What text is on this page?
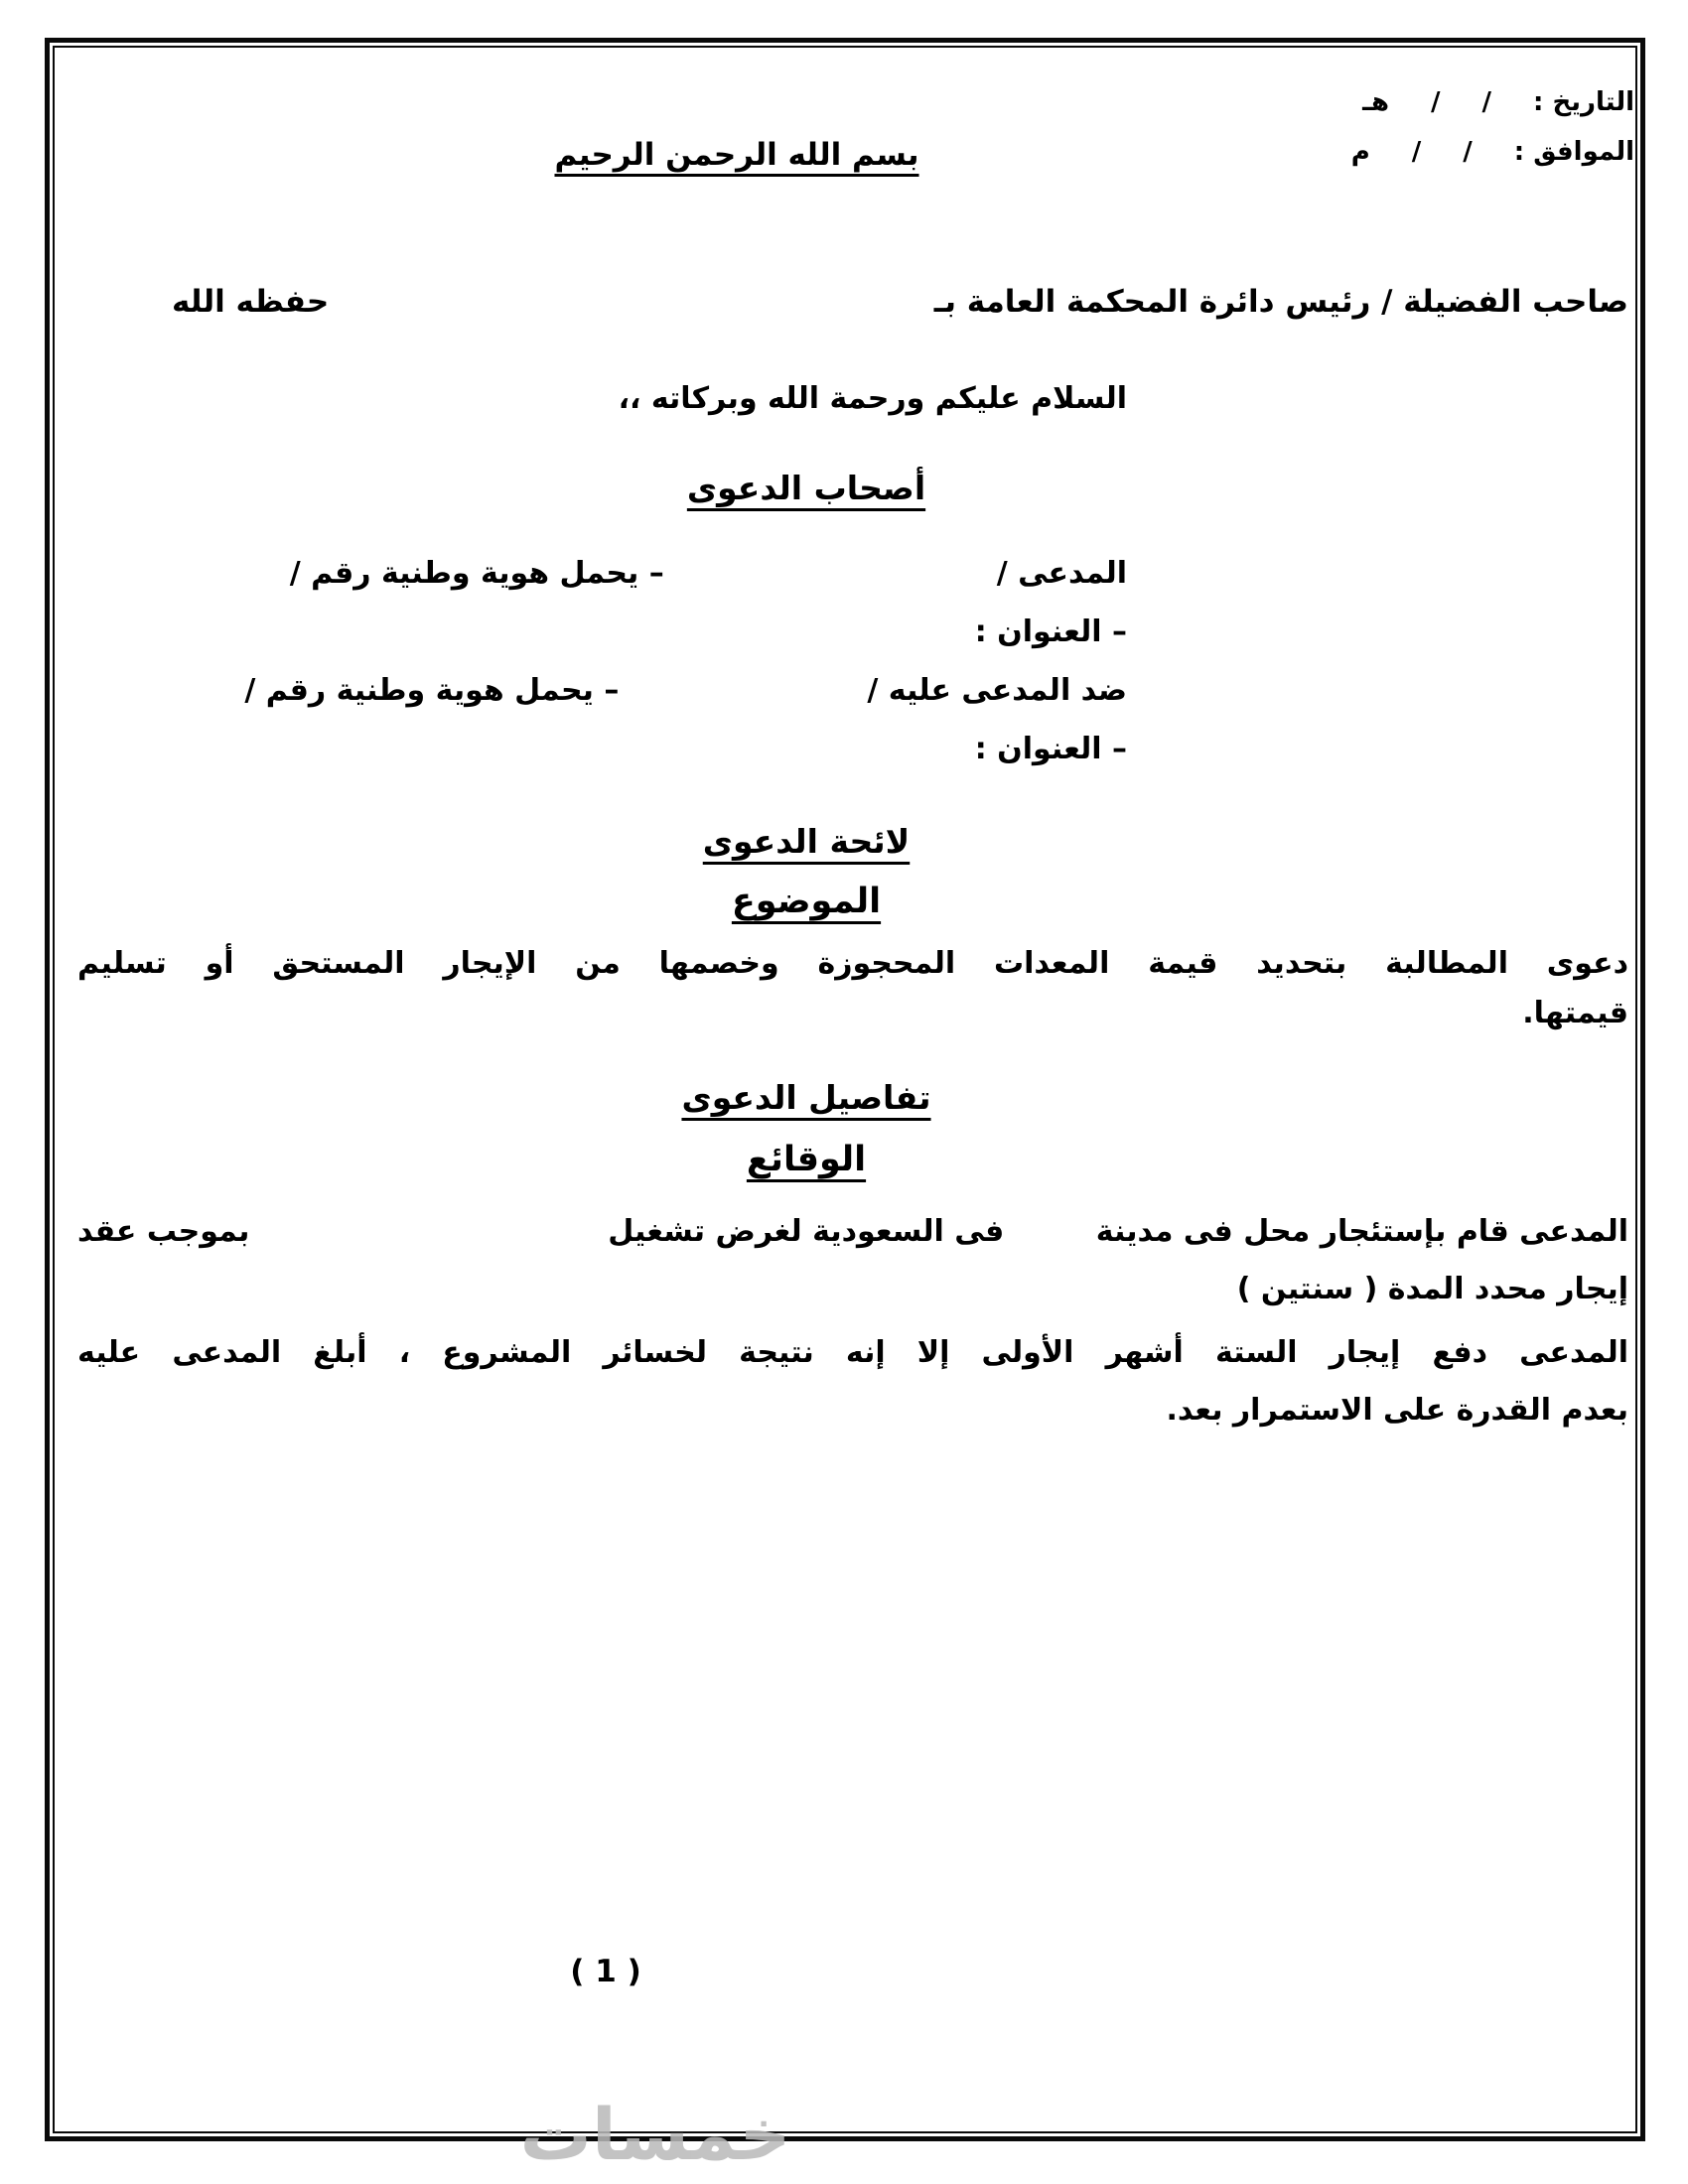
التاريخ :
/
/
هـ
الموافق :
/
/
م
بسم الله الرحمن الرحيم
صاحب الفضيلة / رئيس دائرة المحكمة العامة بـ
حفظه الله
السلام عليكم ورحمة الله وبركاته ،،
أصحاب الدعوى
المدعى /
– يحمل هوية وطنية رقم /
– العنوان :
ضد المدعى عليه /
– يحمل هوية وطنية رقم /
– العنوان :
لائحة الدعوى
الموضوع
دعوى المطالبة بتحديد قيمة المعدات المحجوزة وخصمها من الإيجار المستحق أو تسليم
قيمتها.
تفاصيل الدعوى
الوقائع
المدعى قام بإستئجار محل فى مدينة
فى السعودية لغرض تشغيل
بموجب عقد
إيجار محدد المدة ( سنتين )
المدعى دفع إيجار الستة أشهر الأولى إلا إنه نتيجة لخسائر المشروع ، أبلغ المدعى عليه
بعدم القدرة على الاستمرار بعد.
( 1 )
خمسات
